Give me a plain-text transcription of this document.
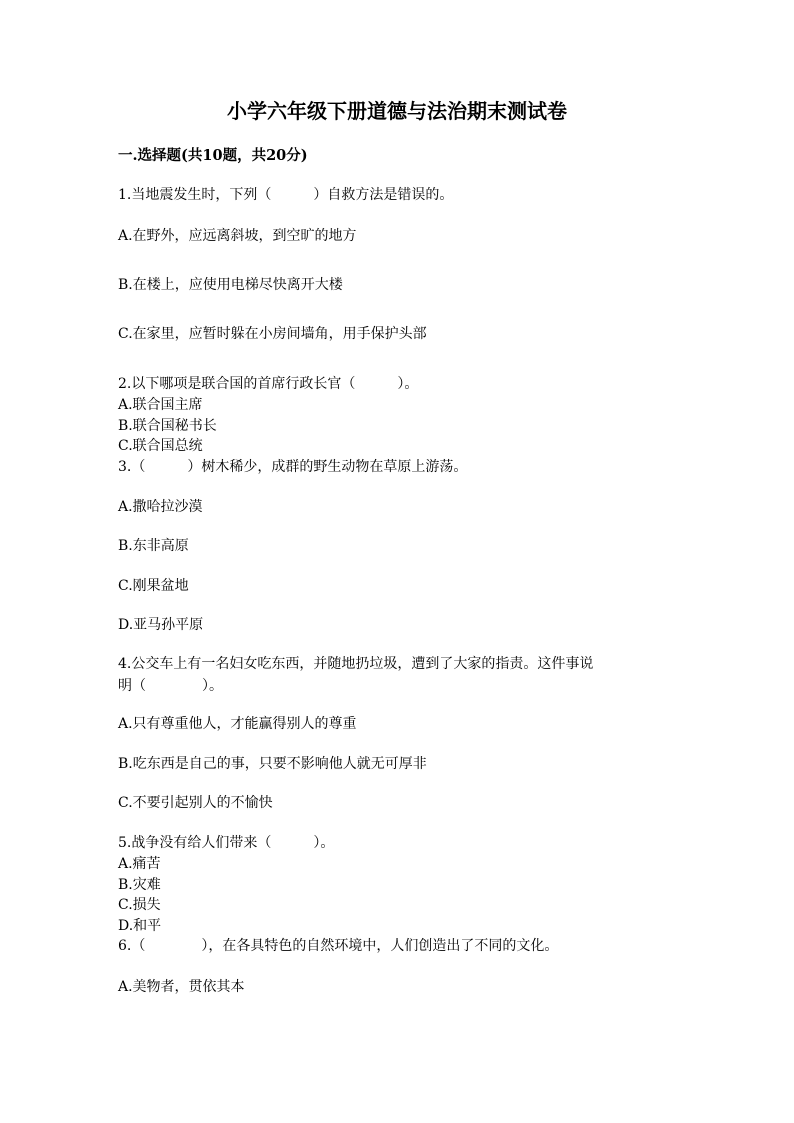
小学六年级下册道德与法治期末测试卷
一.选择题(共10题，共20分)
1.当地震发生时，下列（　　　）自救方法是错误的。
A.在野外，应远离斜坡，到空旷的地方
B.在楼上，应使用电梯尽快离开大楼
C.在家里，应暂时躲在小房间墙角，用手保护头部
2.以下哪项是联合国的首席行政长官（　　　）。
A.联合国主席
B.联合国秘书长
C.联合国总统
3.（　　　）树木稀少，成群的野生动物在草原上游荡。
A.撒哈拉沙漠
B.东非高原
C.刚果盆地
D.亚马孙平原
4.公交车上有一名妇女吃东西，并随地扔垃圾，遭到了大家的指责。这件事说
明（　　　　）。
A.只有尊重他人，才能赢得别人的尊重
B.吃东西是自己的事，只要不影响他人就无可厚非
C.不要引起别人的不愉快
5.战争没有给人们带来（　　　）。
A.痛苦
B.灾难
C.损失
D.和平
6.（　　　　），在各具特色的自然环境中，人们创造出了不同的文化。
A.美物者，贯依其本
